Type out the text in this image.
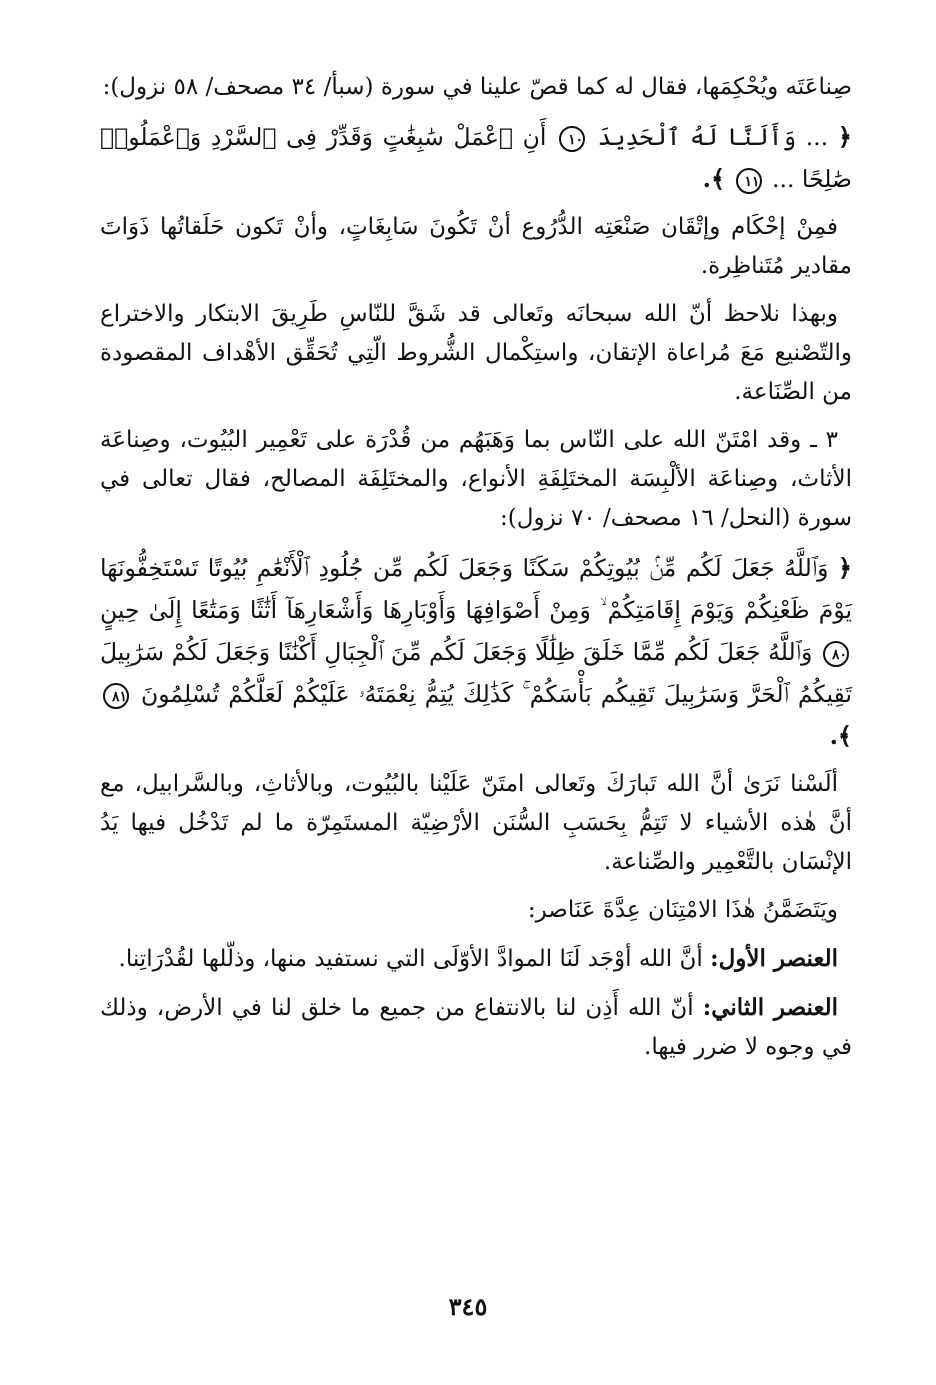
صِناعَتَه ويُحْكِمَها، فقال له كما قصّ علينا في سورة (سبأ/ ٣٤ مصحف/ ٥٨ نزول):

﴿ ... وَأَلَنَّا لَهُ ٱلْحَدِيدَ ١٠ أَنِ ٱعْمَلْ سَٰبِغَٰتٍ وَقَدِّرْ فِى ٱلسَّرْدِ وَٱعْمَلُوا۟ صَٰلِحًا ... ١١ ﴾.

فمِنْ إحْكَام وإتْقَان صَنْعَتِه الدُّرُوع أنْ تَكُونَ سَابِغَاتٍ، وأنْ تَكون حَلَقاتُها ذَوَاتَ مقادير مُتَناظِرة.

وبهذا نلاحظ أنّ الله سبحانَه وتَعالى قد شَقَّ للنّاسِ طَرِيقَ الابتكار والاختراع والتّصْنيع مَعَ مُراعاة الإتقان، واستِكْمال الشُّروط الّتِي تُحَقِّق الأهْداف المقصودة من الصِّنَاعة.

٣ ـ وقد امْتَنّ الله على النّاس بما وَهَبَهُم من قُدْرَة على تَعْمِير البُيُوت، وصِناعَة الأثاث، وصِناعَة الألْبِسَة المختَلِفَةِ الأنواع، والمختَلِفَة المصالح، فقال تعالى في سورة (النحل/ ١٦ مصحف/ ٧٠ نزول):

﴿ وَٱللَّهُ جَعَلَ لَكُم مِّنۢ بُيُوتِكُمْ سَكَنًا وَجَعَلَ لَكُم مِّن جُلُودِ ٱلْأَنْعَٰمِ بُيُوتًا تَسْتَخِفُّونَهَا يَوْمَ ظَعْنِكُمْ وَيَوْمَ إِقَامَتِكُمْ ۙ وَمِنْ أَصْوَافِهَا وَأَوْبَارِهَا وَأَشْعَارِهَآ أَثَٰثًا وَمَتَٰعًا إِلَىٰ حِينٍ ٨٠ وَٱللَّهُ جَعَلَ لَكُم مِّمَّا خَلَقَ ظِلَٰلًا وَجَعَلَ لَكُم مِّنَ ٱلْجِبَالِ أَكْنَٰنًا وَجَعَلَ لَكُمْ سَرَٰبِيلَ تَقِيكُمُ ٱلْحَرَّ وَسَرَٰبِيلَ تَقِيكُم بَأْسَكُمْ ۚ كَذَٰلِكَ يُتِمُّ نِعْمَتَهُۥ عَلَيْكُمْ لَعَلَّكُمْ تُسْلِمُونَ ٨١ ﴾.

ألَسْنا نَرَىٰ أنَّ الله تَبارَكَ وتَعالى امتَنّ عَلَيْنا بالبُيُوت، وبالأثاثِ، وبالسَّرابيل، مع أنَّ هٰذه الأشياء لا تَتِمُّ بِحَسَبِ السُّنَن الأرْضِيّة المستَمِرّة ما لم تَدْخُل فيها يَدُ الإنْسَان بالتَّعْمِير والصِّناعة.

ويَتَضَمَّنُ هٰذَا الامْتِنَان عِدَّةَ عَنَاصر:

العنصر الأول: أنَّ الله أوْجَد لَنَا الموادَّ الأوّلَى التي نستفيد منها، وذلّلها لقُدْرَاتِنا.

العنصر الثاني: أنّ الله أَذِن لنا بالانتفاع من جميع ما خلق لنا في الأرض، وذلك في وجوه لا ضرر فيها.

٣٤٥
